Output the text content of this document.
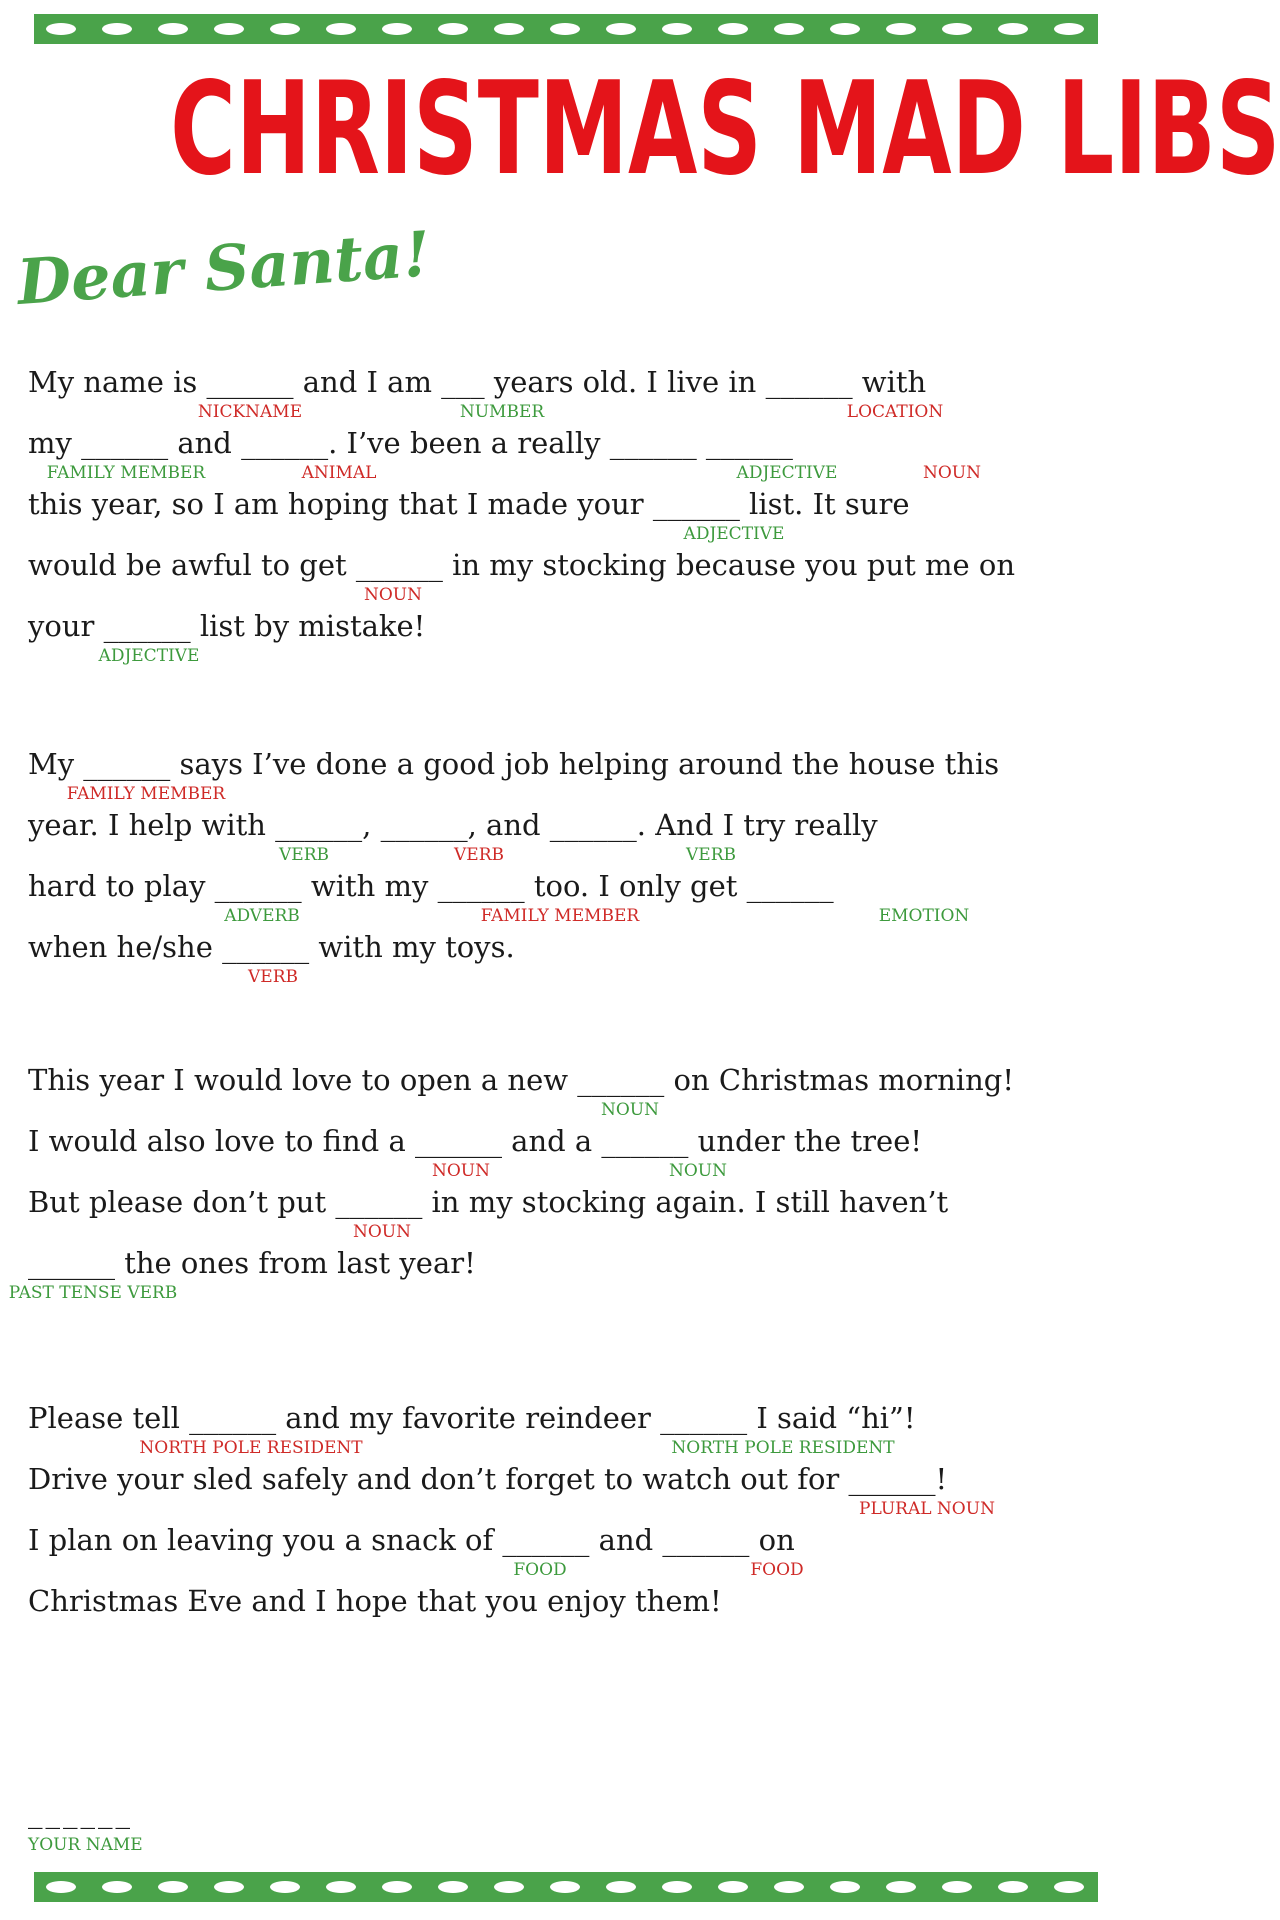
CHRISTMAS MAD LIBS
Dear Santa!
My name is ______ and I am ___ years old. I live in ______ with
NICKNAME	NUMBER	LOCATION
my ______ and ______. I’ve been a really ______ ______
FAMILY MEMBER	ANIMAL	ADJECTIVE	NOUN
this year, so I am hoping that I made your ______ list. It sure
ADJECTIVE
would be awful to get ______ in my stocking because you put me on
NOUN
your ______ list by mistake!
ADJECTIVE
My ______ says I’ve done a good job helping around the house this
FAMILY MEMBER
year. I help with ______, ______, and ______. And I try really
VERB	VERB	VERB
hard to play ______ with my ______ too. I only get ______
ADVERB	FAMILY MEMBER	EMOTION
when he/she ______ with my toys.
VERB
This year I would love to open a new ______ on Christmas morning!
NOUN
I would also love to find a ______ and a ______ under the tree!
NOUN	NOUN
But please don’t put ______ in my stocking again. I still haven’t
NOUN
______ the ones from last year!
PAST TENSE VERB
Please tell ______ and my favorite reindeer ______ I said “hi”!
NORTH POLE RESIDENT	NORTH POLE RESIDENT
Drive your sled safely and don’t forget to watch out for ______!
PLURAL NOUN
I plan on leaving you a snack of ______ and ______ on
FOOD	FOOD
Christmas Eve and I hope that you enjoy them!
______
YOUR NAME
